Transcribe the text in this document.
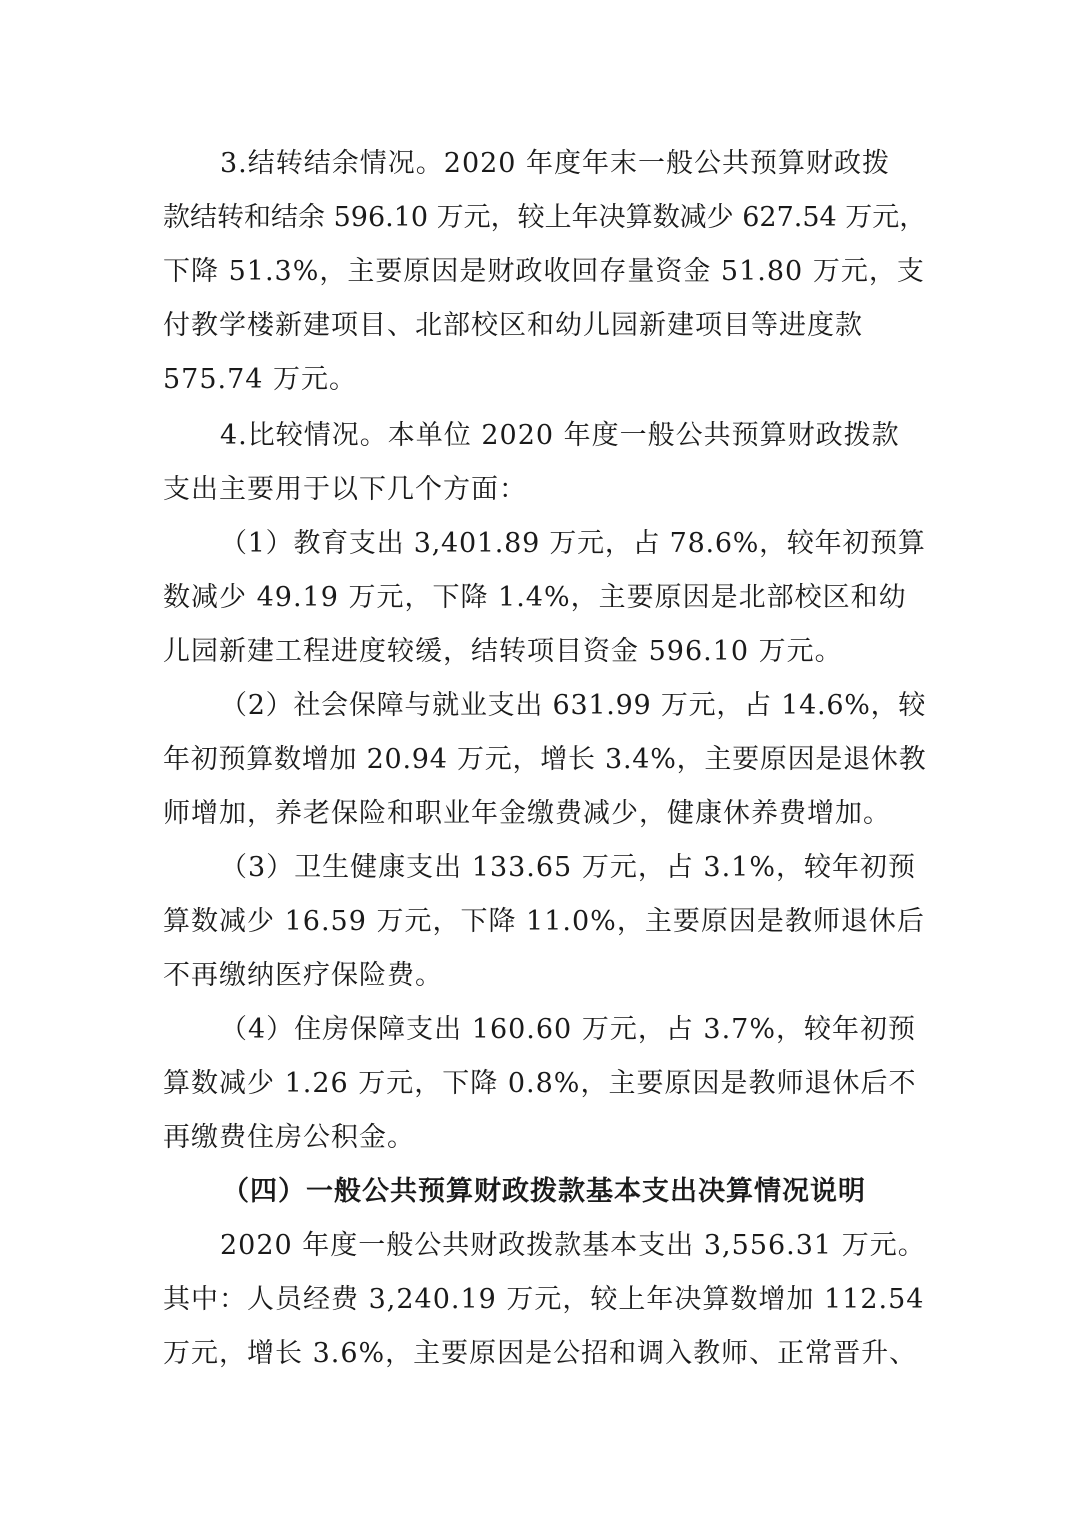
3.结转结余情况。2020 年度年末一般公共预算财政拨
款结转和结余 596.10 万元，较上年决算数减少 627.54 万元，
下降 51.3%，主要原因是财政收回存量资金 51.80 万元，支
付教学楼新建项目、北部校区和幼儿园新建项目等进度款
575.74 万元。
4.比较情况。本单位 2020 年度一般公共预算财政拨款
支出主要用于以下几个方面：
（1）教育支出 3,401.89 万元，占 78.6%，较年初预算
数减少 49.19 万元，下降 1.4%，主要原因是北部校区和幼
儿园新建工程进度较缓，结转项目资金 596.10 万元。
（2）社会保障与就业支出 631.99 万元，占 14.6%，较
年初预算数增加 20.94 万元，增长 3.4%，主要原因是退休教
师增加，养老保险和职业年金缴费减少，健康休养费增加。
（3）卫生健康支出 133.65 万元，占 3.1%，较年初预
算数减少 16.59 万元，下降 11.0%，主要原因是教师退休后
不再缴纳医疗保险费。
（4）住房保障支出 160.60 万元，占 3.7%，较年初预
算数减少 1.26 万元，下降 0.8%，主要原因是教师退休后不
再缴费住房公积金。
（四）一般公共预算财政拨款基本支出决算情况说明
2020 年度一般公共财政拨款基本支出 3,556.31 万元。
其中：人员经费 3,240.19 万元，较上年决算数增加 112.54
万元，增长 3.6%，主要原因是公招和调入教师、正常晋升、
